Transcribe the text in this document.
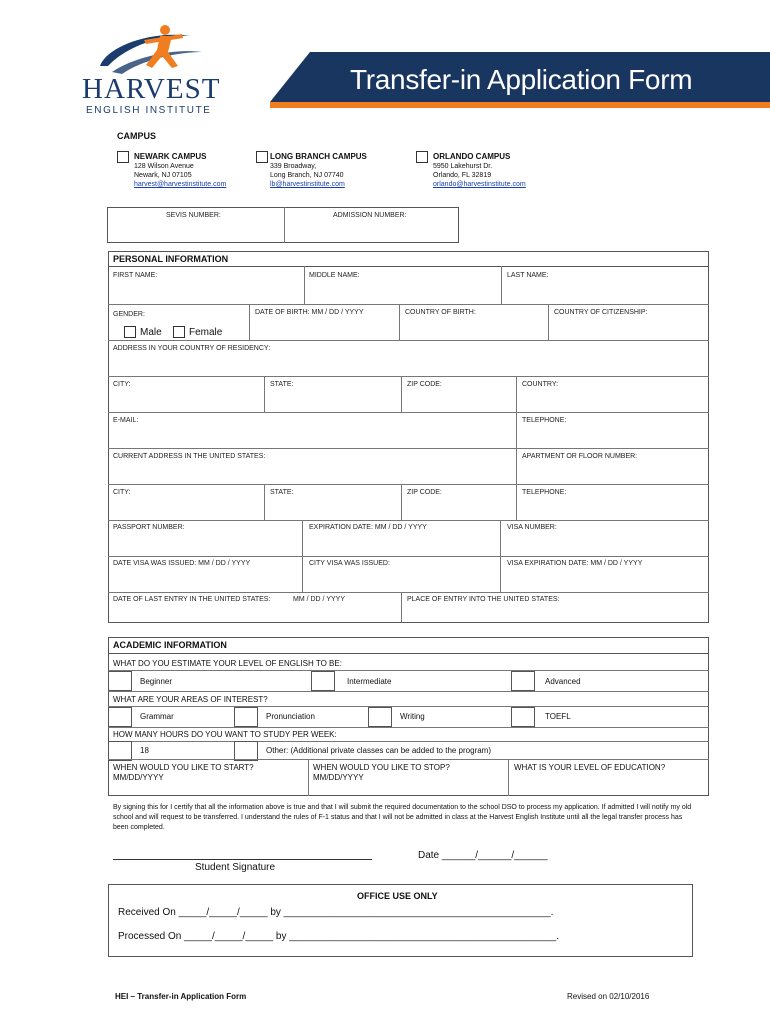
HARVEST
ENGLISH INSTITUTE
Transfer-in Application Form
CAMPUS
NEWARK CAMPUS
128 Wilson Avenue
Newark, NJ 07105
harvest@harvestinstitute.com
LONG BRANCH CAMPUS
339 Broadway,
Long Branch, NJ 07740
lb@harvestinstitute.com
ORLANDO CAMPUS
5950 Lakehurst Dr.
Orlando, FL 32819
orlando@harvestinstitute.com
SEVIS NUMBER:	ADMISSION NUMBER:
PERSONAL INFORMATION
FIRST NAME:	MIDDLE NAME:	LAST NAME:
GENDER:	DATE OF BIRTH: MM / DD / YYYY	COUNTRY OF BIRTH:	COUNTRY OF CITIZENSHIP:
Male	Female
ADDRESS IN YOUR COUNTRY OF RESIDENCY:
CITY:	STATE:	ZIP CODE:	COUNTRY:
E-MAIL:	TELEPHONE:
CURRENT ADDRESS IN THE UNITED STATES:	APARTMENT OR FLOOR NUMBER:
CITY:	STATE:	ZIP CODE:	TELEPHONE:
PASSPORT NUMBER:	EXPIRATION DATE: MM / DD / YYYY	VISA NUMBER:
DATE VISA WAS ISSUED: MM / DD / YYYY	CITY VISA WAS ISSUED:	VISA EXPIRATION DATE: MM / DD / YYYY
DATE OF LAST ENTRY IN THE UNITED STATES:	MM / DD / YYYY	PLACE OF ENTRY INTO THE UNITED STATES:
ACADEMIC INFORMATION
WHAT DO YOU ESTIMATE YOUR LEVEL OF ENGLISH TO BE:
Beginner	Intermediate	Advanced
WHAT ARE YOUR AREAS OF INTEREST?
Grammar	Pronunciation	Writing	TOEFL
HOW MANY HOURS DO YOU WANT TO STUDY PER WEEK:
18	Other: (Additional private classes can be added to the program)
WHEN WOULD YOU LIKE TO START?
MM/DD/YYYY
WHEN WOULD YOU LIKE TO STOP?
MM/DD/YYYY
WHAT IS YOUR LEVEL OF EDUCATION?
By signing this for I certify that all the information above is true and that I will submit the required documentation to the school DSO to process my application. If admitted I will notify my old school and will request to be transferred. I understand the rules of F-1 status and that I will not be admitted in class at the Harvest English Institute until all the legal transfer process has been completed.
Date ______/______/______
Student Signature
OFFICE USE ONLY
Received On _____/_____/_____ by ________________________________________________.
Processed On _____/_____/_____ by ________________________________________________.
HEI – Transfer-in Application Form	Revised on 02/10/2016
